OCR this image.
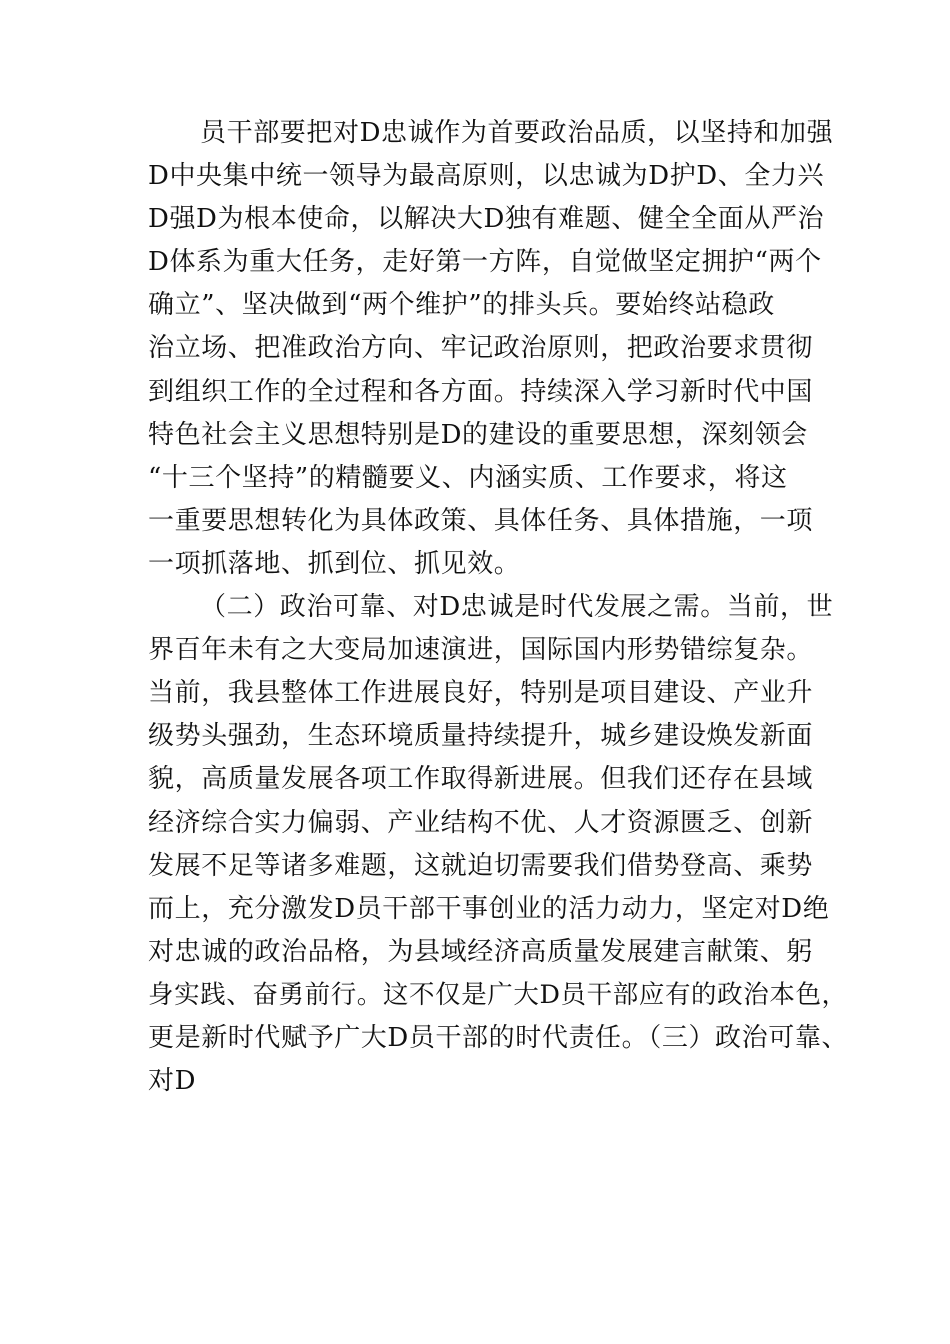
员干部要把对D忠诚作为首要政治品质，以坚持和加强
D中央集中统一领导为最高原则，以忠诚为D护D、全力兴
D强D为根本使命，以解决大D独有难题、健全全面从严治
D体系为重大任务，走好第一方阵，自觉做坚定拥护“两个
确立”、坚决做到“两个维护”的排头兵。要始终站稳政
治立场、把准政治方向、牢记政治原则，把政治要求贯彻
到组织工作的全过程和各方面。持续深入学习新时代中国
特色社会主义思想特别是D的建设的重要思想，深刻领会
“十三个坚持”的精髓要义、内涵实质、工作要求，将这
一重要思想转化为具体政策、具体任务、具体措施，一项
一项抓落地、抓到位、抓见效。
（二）政治可靠、对D忠诚是时代发展之需。当前，世
界百年未有之大变局加速演进，国际国内形势错综复杂。
当前，我县整体工作进展良好，特别是项目建设、产业升
级势头强劲，生态环境质量持续提升，城乡建设焕发新面
貌，高质量发展各项工作取得新进展。但我们还存在县域
经济综合实力偏弱、产业结构不优、人才资源匮乏、创新
发展不足等诸多难题，这就迫切需要我们借势登高、乘势
而上，充分激发D员干部干事创业的活力动力，坚定对D绝
对忠诚的政治品格，为县域经济高质量发展建言献策、躬
身实践、奋勇前行。这不仅是广大D员干部应有的政治本色，
更是新时代赋予广大D员干部的时代责任。（三）政治可靠、
对D
